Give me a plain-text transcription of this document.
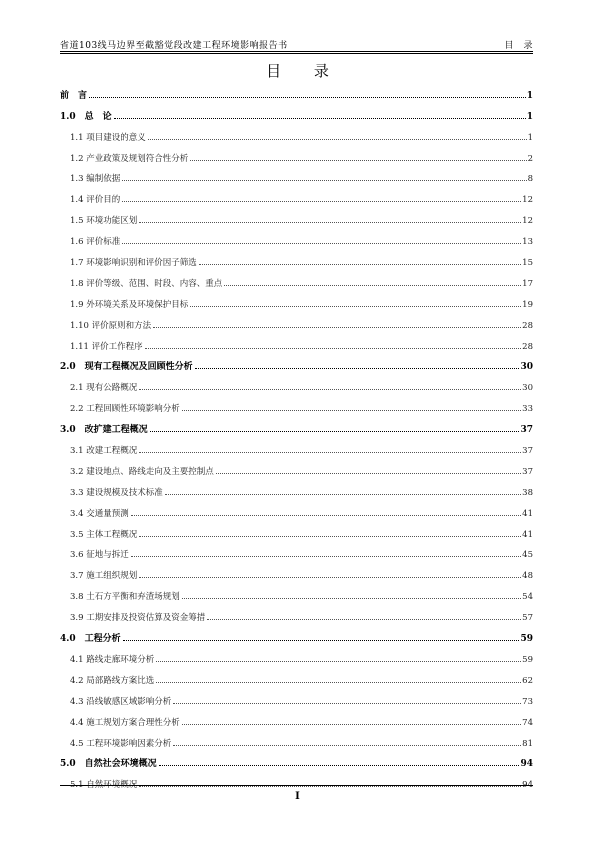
省道103线马边界至截豁觉段改建工程环境影响报告书	目　录
目 录
前　言	1
1.0　总　论	1
1.1 项目建设的意义	1
1.2 产业政策及规划符合性分析	2
1.3 编制依据	8
1.4 评价目的	12
1.5 环境功能区划	12
1.6 评价标准	13
1.7 环境影响识别和评价因子筛选	15
1.8 评价等级、范围、时段、内容、重点	17
1.9 外环境关系及环境保护目标	19
1.10 评价原则和方法	28
1.11 评价工作程序	28
2.0　现有工程概况及回顾性分析	30
2.1 现有公路概况	30
2.2 工程回顾性环境影响分析	33
3.0　改扩建工程概况	37
3.1 改建工程概况	37
3.2 建设地点、路线走向及主要控制点	37
3.3 建设规模及技术标准	38
3.4 交通量预测	41
3.5 主体工程概况	41
3.6 征地与拆迁	45
3.7 施工组织规划	48
3.8 土石方平衡和弃渣场规划	54
3.9 工期安排及投资估算及资金筹措	57
4.0　工程分析	59
4.1 路线走廊环境分析	59
4.2 局部路线方案比选	62
4.3 沿线敏感区域影响分析	73
4.4 施工规划方案合理性分析	74
4.5 工程环境影响因素分析	81
5.0　自然社会环境概况	94
5.1 自然环境概况	94
I
